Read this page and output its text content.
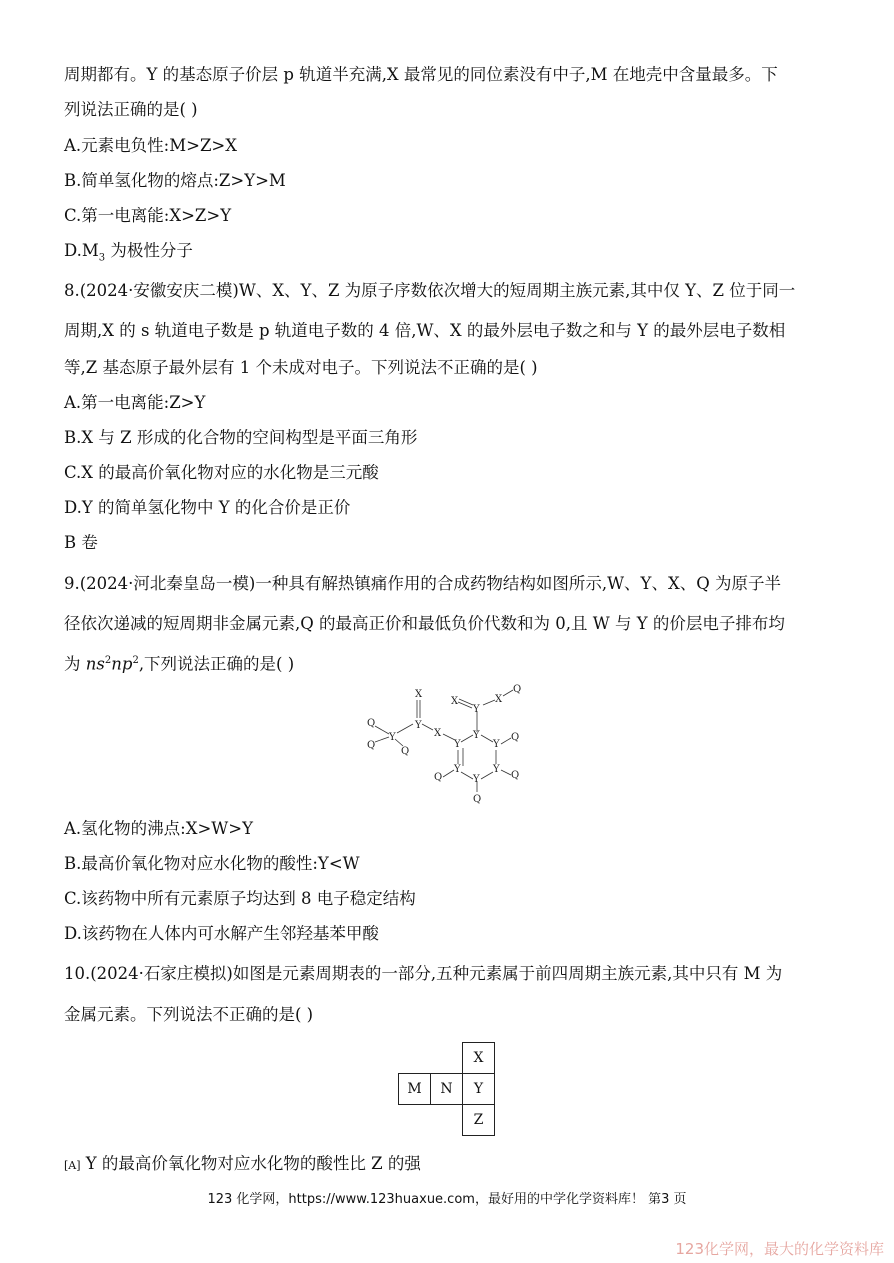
周期都有。Y 的基态原子价层 p 轨道半充满,X 最常见的同位素没有中子,M 在地壳中含量最多。下
列说法正确的是( )
A.元素电负性:M>Z>X
B.简单氢化物的熔点:Z>Y>M
C.第一电离能:X>Z>Y
$D.M_3$ 为极性分子
8.(2024·安徽安庆二模)W、X、Y、Z 为原子序数依次增大的短周期主族元素,其中仅 Y、Z 位于同一
周期,X 的 s 轨道电子数是 p 轨道电子数的 4 倍,W、X 的最外层电子数之和与 Y 的最外层电子数相
等,Z 基态原子最外层有 1 个未成对电子。下列说法不正确的是( )
A.第一电离能:Z>Y
B.X 与 Z 形成的化合物的空间构型是平面三角形
C.X 的最高价氧化物对应的水化物是三元酸
D.Y 的简单氢化物中 Y 的化合价是正价
B 卷
9.(2024·河北秦皇岛一模)一种具有解热镇痛作用的合成药物结构如图所示,W、Y、X、Q 为原子半
径依次递减的短周期非金属元素,Q 的最高正价和最低负价代数和为 0,且 W 与 Y 的价层电子排布均
为 $ns^2np^2$,下列说法正确的是( )
X
Y
X
Y
Q
Q
Q
X
Y
X
Q
Y
Y	Y
Q
Y	Y
Q
Y
Q
Q
A.氢化物的沸点:X>W>Y
B.最高价氧化物对应水化物的酸性:Y<W
C.该药物中所有元素原子均达到 8 电子稳定结构
D.该药物在人体内可水解产生邻羟基苯甲酸
10.(2024·石家庄模拟)如图是元素周期表的一部分,五种元素属于前四周期主族元素,其中只有 M 为
金属元素。下列说法不正确的是( )
		X
M	N	Y
		Z
[A] Y 的最高价氧化物对应水化物的酸性比 Z 的强
123 化学网，https://www.123huaxue.com，最好用的中学化学资料库！ 第3 页
123化学网，最大的化学资料库
